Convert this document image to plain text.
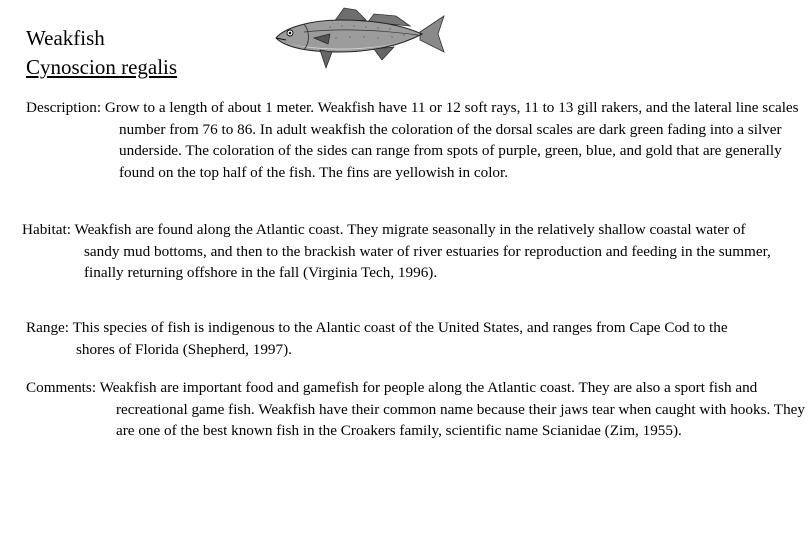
Weakfish
Cynoscion regalis

Description: Grow to a length of about 1 meter. Weakfish have 11 or 12 soft rays, 11 to 13 gill rakers, and the lateral line scales number from 76 to 86. In adult weakfish the coloration of the dorsal scales are dark green fading into a silver underside. The coloration of the sides can range from spots of purple, green, blue, and gold that are generally found on the top half of the fish. The fins are yellowish in color.

Habitat: Weakfish are found along the Atlantic coast. They migrate seasonally in the relatively shallow coastal water of sandy mud bottoms, and then to the brackish water of river estuaries for reproduction and feeding in the summer, finally returning offshore in the fall (Virginia Tech, 1996).

Range: This species of fish is indigenous to the Alantic coast of the United States, and ranges from Cape Cod to the shores of Florida (Shepherd, 1997).

Comments: Weakfish are important food and gamefish for people along the Atlantic coast. They are also a sport fish and recreational game fish. Weakfish have their common name because their jaws tear when caught with hooks. They are one of the best known fish in the Croakers family, scientific name Scianidae (Zim, 1955).
